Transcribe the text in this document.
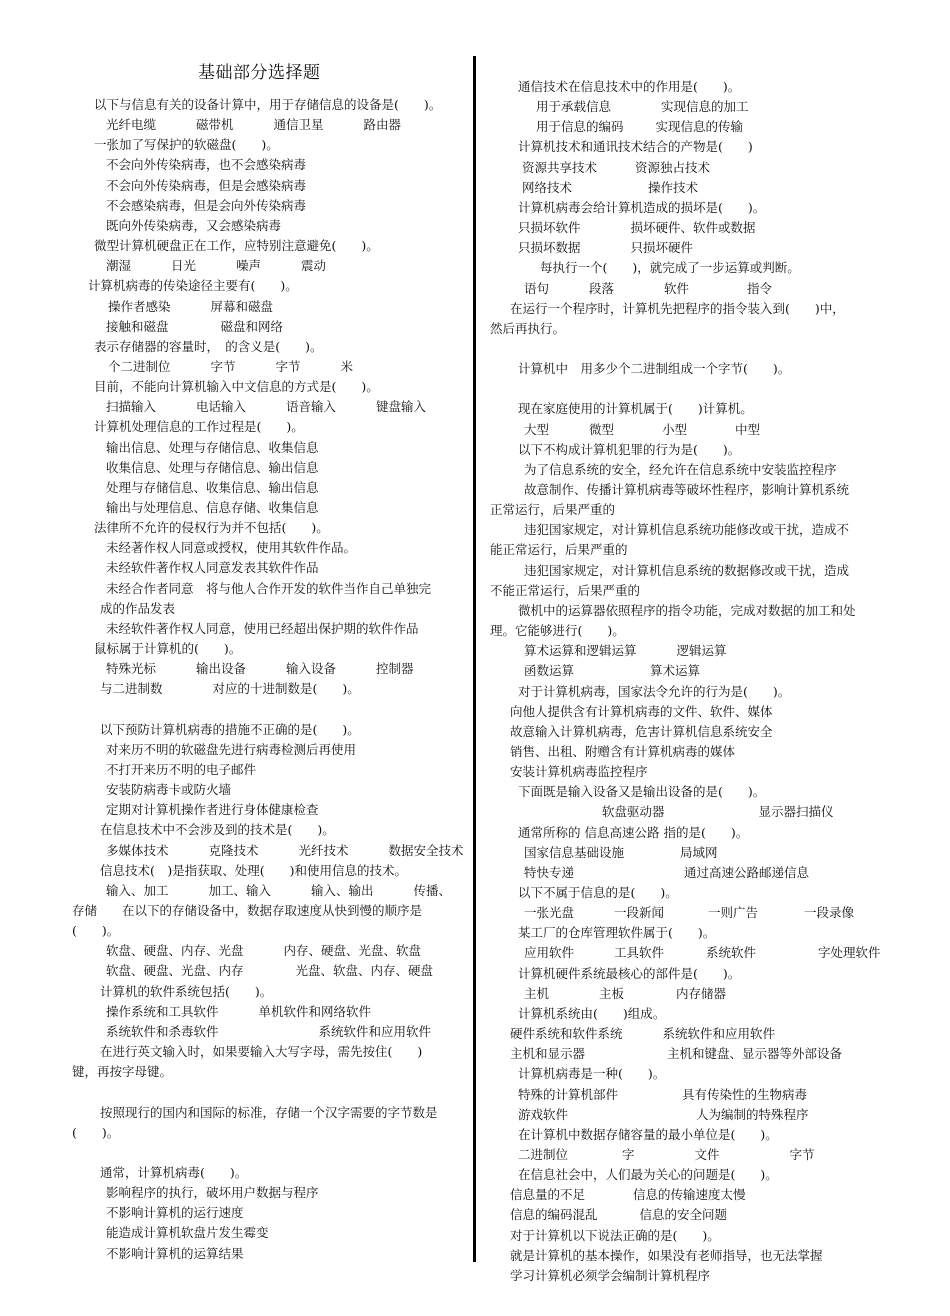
基础部分选择题
以下与信息有关的设备计算中，用于存储信息的设备是(　　)。
光纤电缆	磁带机	通信卫星	路由器
一张加了写保护的软磁盘(　　)。
不会向外传染病毒，也不会感染病毒
不会向外传染病毒，但是会感染病毒
不会感染病毒，但是会向外传染病毒
既向外传染病毒，又会感染病毒
微型计算机硬盘正在工作，应特别注意避免(　　)。
潮湿	日光	噪声	震动
计算机病毒的传染途径主要有(　　)。
操作者感染	屏幕和磁盘
接触和磁盘	磁盘和网络
表示存储器的容量时，　的含义是(　　)。
个二进制位	字节	字节	米
目前，不能向计算机输入中文信息的方式是(　　)。
扫描输入	电话输入	语音输入	键盘输入
计算机处理信息的工作过程是(　　)。
输出信息、处理与存储信息、收集信息
收集信息、处理与存储信息、输出信息
处理与存储信息、收集信息、输出信息
输出与处理信息、信息存储、收集信息
法律所不允许的侵权行为并不包括(　　)。
未经著作权人同意或授权，使用其软件作品。
未经软件著作权人同意发表其软件作品
未经合作者同意　将与他人合作开发的软件当作自己单独完
成的作品发表
未经软件著作权人同意，使用已经超出保护期的软件作品
鼠标属于计算机的(　　)。
特殊光标	输出设备	输入设备	控制器
与二进制数　　　　对应的十进制数是(　　)。
以下预防计算机病毒的措施不正确的是(　　)。
对来历不明的软磁盘先进行病毒检测后再使用
不打开来历不明的电子邮件
安装防病毒卡或防火墙
定期对计算机操作者进行身体健康检查
在信息技术中不会涉及到的技术是(　　)。
多媒体技术	克隆技术	光纤技术	数据安全技术
信息技术(　)是指获取、处理(　　)和使用信息的技术。
输入、加工	加工、输入	输入、输出	传播、
存储　　在以下的存储设备中，数据存取速度从快到慢的顺序是
(　　)。
软盘、硬盘、内存、光盘	内存、硬盘、光盘、软盘
软盘、硬盘、光盘、内存	光盘、软盘、内存、硬盘
计算机的软件系统包括(　　)。
操作系统和工具软件	单机软件和网络软件
系统软件和杀毒软件	系统软件和应用软件
在进行英文输入时，如果要输入大写字母，需先按住(　　)
键，再按字母键。
按照现行的国内和国际的标准，存储一个汉字需要的字节数是
(　　)。
通常，计算机病毒(　　)。
影响程序的执行，破坏用户数据与程序
不影响计算机的运行速度
能造成计算机软盘片发生霉变
不影响计算机的运算结果
通信技术在信息技术中的作用是(　　)。
用于承载信息	实现信息的加工
用于信息的编码	实现信息的传输
计算机技术和通讯技术结合的产物是(　　)
资源共享技术	资源独占技术
网络技术	操作技术
计算机病毒会给计算机造成的损坏是(　　)。
只损坏软件	损坏硬件、软件或数据
只损坏数据	只损坏硬件
每执行一个(　　)，就完成了一步运算或判断。
语句	段落	软件	指令
在运行一个程序时，计算机先把程序的指令装入到(　　)中，
然后再执行。
计算机中　用多少个二进制组成一个字节(　　)。
现在家庭使用的计算机属于(　　)计算机。
大型	微型	小型	中型
以下不构成计算机犯罪的行为是(　　)。
为了信息系统的安全，经允许在信息系统中安装监控程序
故意制作、传播计算机病毒等破坏性程序，影响计算机系统
正常运行，后果严重的
违犯国家规定，对计算机信息系统功能修改或干扰，造成不
能正常运行，后果严重的
违犯国家规定，对计算机信息系统的数据修改或干扰，造成
不能正常运行，后果严重的
微机中的运算器依照程序的指令功能，完成对数据的加工和处
理。它能够进行(　　)。
算术运算和逻辑运算	逻辑运算
函数运算	算术运算
对于计算机病毒，国家法令允许的行为是(　　)。
向他人提供含有计算机病毒的文件、软件、媒体
故意输入计算机病毒，危害计算机信息系统安全
销售、出租、附赠含有计算机病毒的媒体
安装计算机病毒监控程序
下面既是输入设备又是输出设备的是(　　)。
软盘驱动器	显示器 扫描仪
通常所称的 信息高速公路 指的是(　　)。
国家信息基础设施	局域网
特快专递	通过高速公路邮递信息
以下不属于信息的是(　　)。
一张光盘	一段新闻	一则广告	一段录像
某工厂的仓库管理软件属于(　　)。
应用软件	工具软件	系统软件	字处理软件
计算机硬件系统最核心的部件是(　　)。
主机	主板	内存储器
计算机系统由(　　)组成。
硬件系统和软件系统	系统软件和应用软件
主机和显示器	主机和键盘、显示器等外部设备
计算机病毒是一种(　　)。
特殊的计算机部件	具有传染性的生物病毒
游戏软件	人为编制的特殊程序
在计算机中数据存储容量的最小单位是(　　)。
二进制位	字	文件	字节
在信息社会中，人们最为关心的问题是(　　)。
信息量的不足	信息的传输速度太慢
信息的编码混乱	信息的安全问题
对于计算机以下说法正确的是(　　)。
就是计算机的基本操作，如果没有老师指导，也无法掌握
学习计算机必须学会编制计算机程序
